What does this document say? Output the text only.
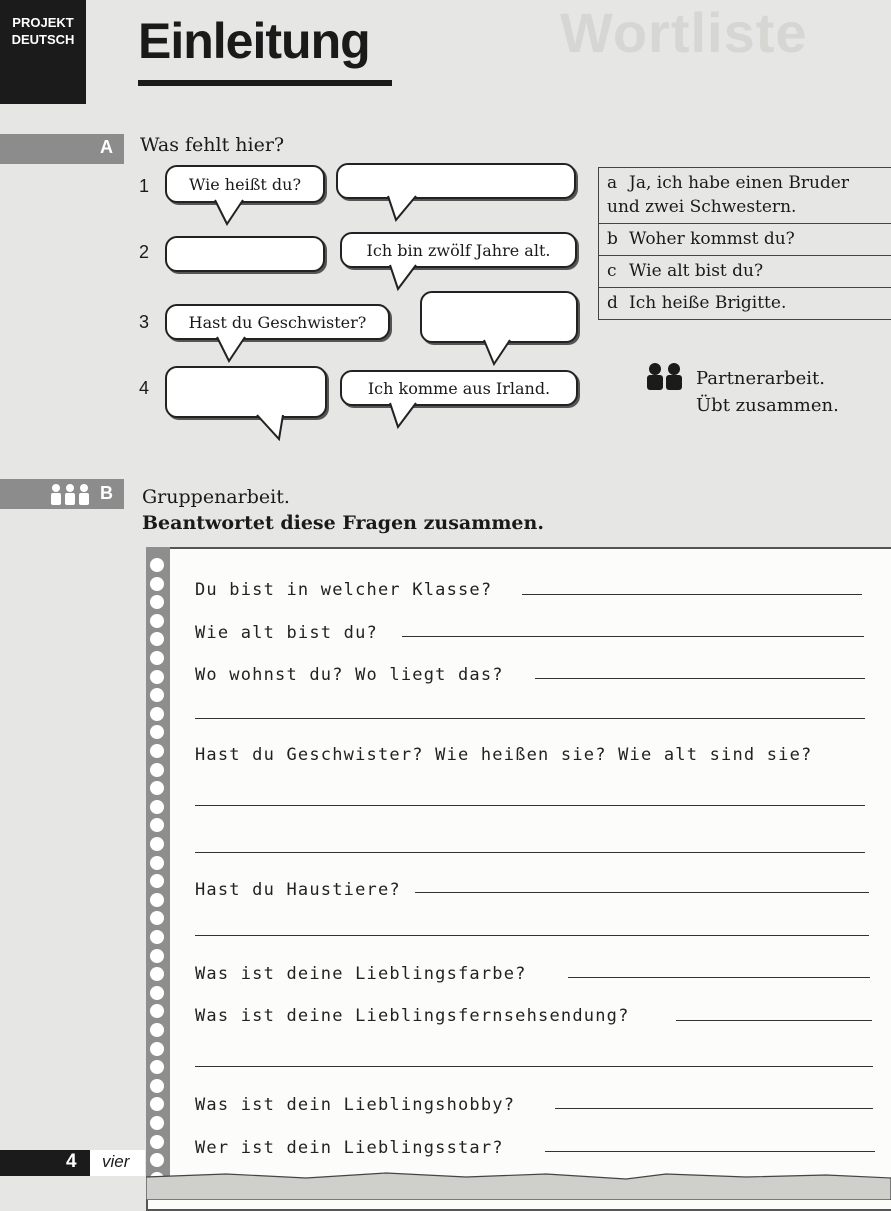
PROJEKT
DEUTSCH	Wortliste
Einleitung
A Was fehlt hier?
1
2
3
4
Wie heißt du?
Ich bin zwölf Jahre alt.
Hast du Geschwister?
Ich komme aus Irland.
a Ja, ich habe einen Bruder und zwei Schwestern.
b Woher kommst du?
c Wie alt bist du?
d Ich heiße Brigitte.
Partnerarbeit.
Übt zusammen.
B Gruppenarbeit.
Beantwortet diese Fragen zusammen.
Du bist in welcher Klasse?
Wie alt bist du?
Wo wohnst du? Wo liegt das?
Hast du Geschwister? Wie heißen sie? Wie alt sind sie?
Hast du Haustiere?
Was ist deine Lieblingsfarbe?
Was ist deine Lieblingsfernsehsendung?
Was ist dein Lieblingshobby?
Wer ist dein Lieblingsstar?
4 vier
